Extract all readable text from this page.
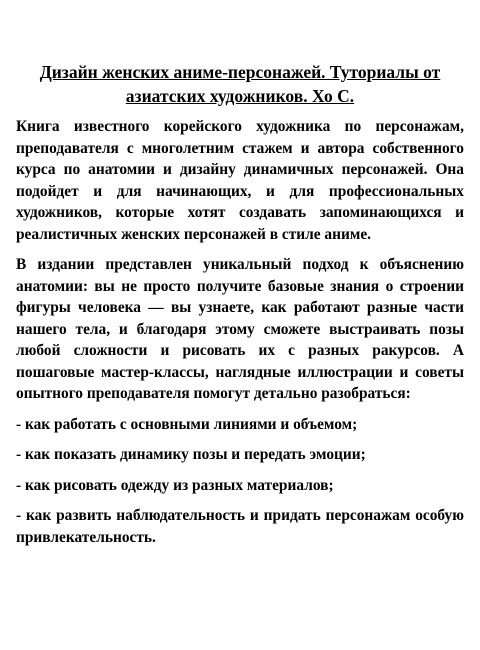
Дизайн женских аниме-персонажей. Туториалы от азиатских художников. Хо С.

Книга известного корейского художника по персонажам, преподавателя с многолетним стажем и автора собственного курса по анатомии и дизайну динамичных персонажей. Она подойдет и для начинающих, и для профессиональных художников, которые хотят создавать запоминающихся и реалистичных женских персонажей в стиле аниме.

В издании представлен уникальный подход к объяснению анатомии: вы не просто получите базовые знания о строении фигуры человека — вы узнаете, как работают разные части нашего тела, и благодаря этому сможете выстраивать позы любой сложности и рисовать их с разных ракурсов. А пошаговые мастер-классы, наглядные иллюстрации и советы опытного преподавателя помогут детально разобраться:

- как работать с основными линиями и объемом;

- как показать динамику позы и передать эмоции;

- как рисовать одежду из разных материалов;

- как развить наблюдательность и придать персонажам особую привлекательность.
